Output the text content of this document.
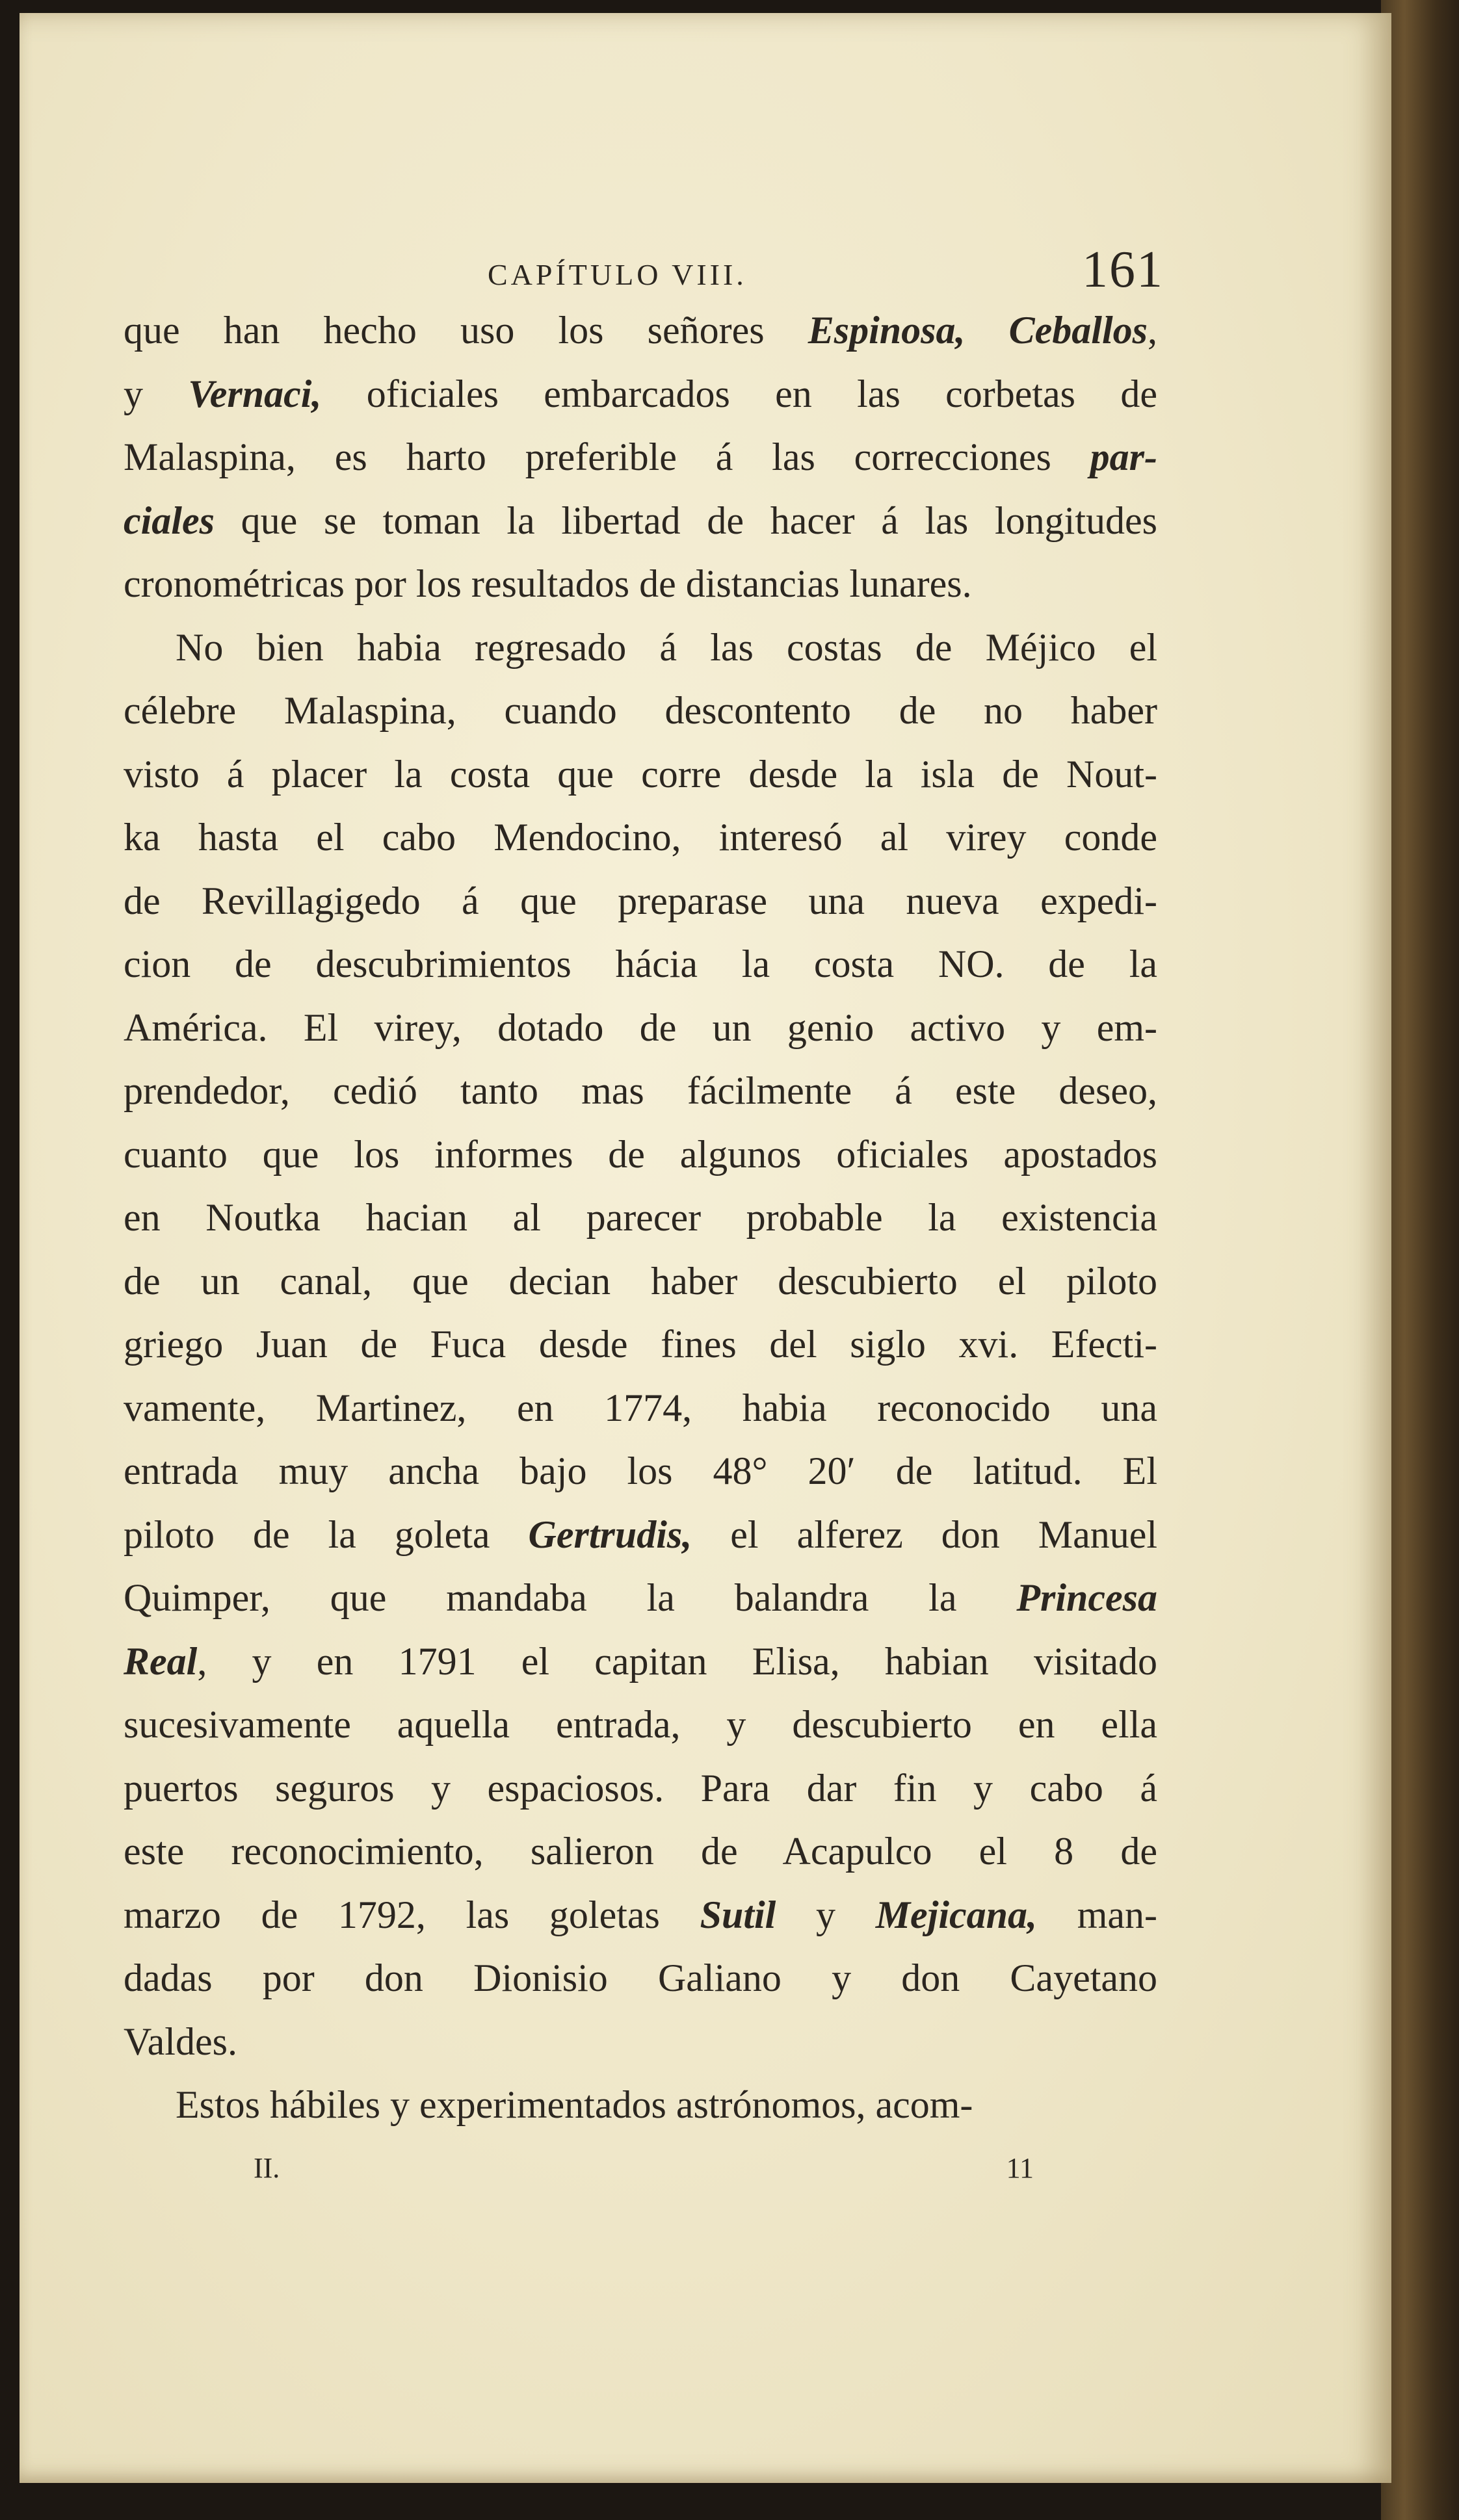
CAPÍTULO VIII.	161
que han hecho uso los señores Espinosa, Ceballos,
y Vernaci, oficiales embarcados en las corbetas de
Malaspina, es harto preferible á las correcciones par-
ciales que se toman la libertad de hacer á las longitudes
cronométricas por los resultados de distancias lunares.
No bien habia regresado á las costas de Méjico el
célebre Malaspina, cuando descontento de no haber
visto á placer la costa que corre desde la isla de Nout-
ka hasta el cabo Mendocino, interesó al virey conde
de Revillagigedo á que preparase una nueva expedi-
cion de descubrimientos hácia la costa NO. de la
América. El virey, dotado de un genio activo y em-
prendedor, cedió tanto mas fácilmente á este deseo,
cuanto que los informes de algunos oficiales apostados
en Noutka hacian al parecer probable la existencia
de un canal, que decian haber descubierto el piloto
griego Juan de Fuca desde fines del siglo xvi. Efecti-
vamente, Martinez, en 1774, habia reconocido una
entrada muy ancha bajo los 48° 20′ de latitud. El
piloto de la goleta Gertrudis, el alferez don Manuel
Quimper, que mandaba la balandra la Princesa
Real, y en 1791 el capitan Elisa, habian visitado
sucesivamente aquella entrada, y descubierto en ella
puertos seguros y espaciosos. Para dar fin y cabo á
este reconocimiento, salieron de Acapulco el 8 de
marzo de 1792, las goletas Sutil y Mejicana, man-
dadas por don Dionisio Galiano y don Cayetano
Valdes.
Estos hábiles y experimentados astrónomos, acom-
II.	11
